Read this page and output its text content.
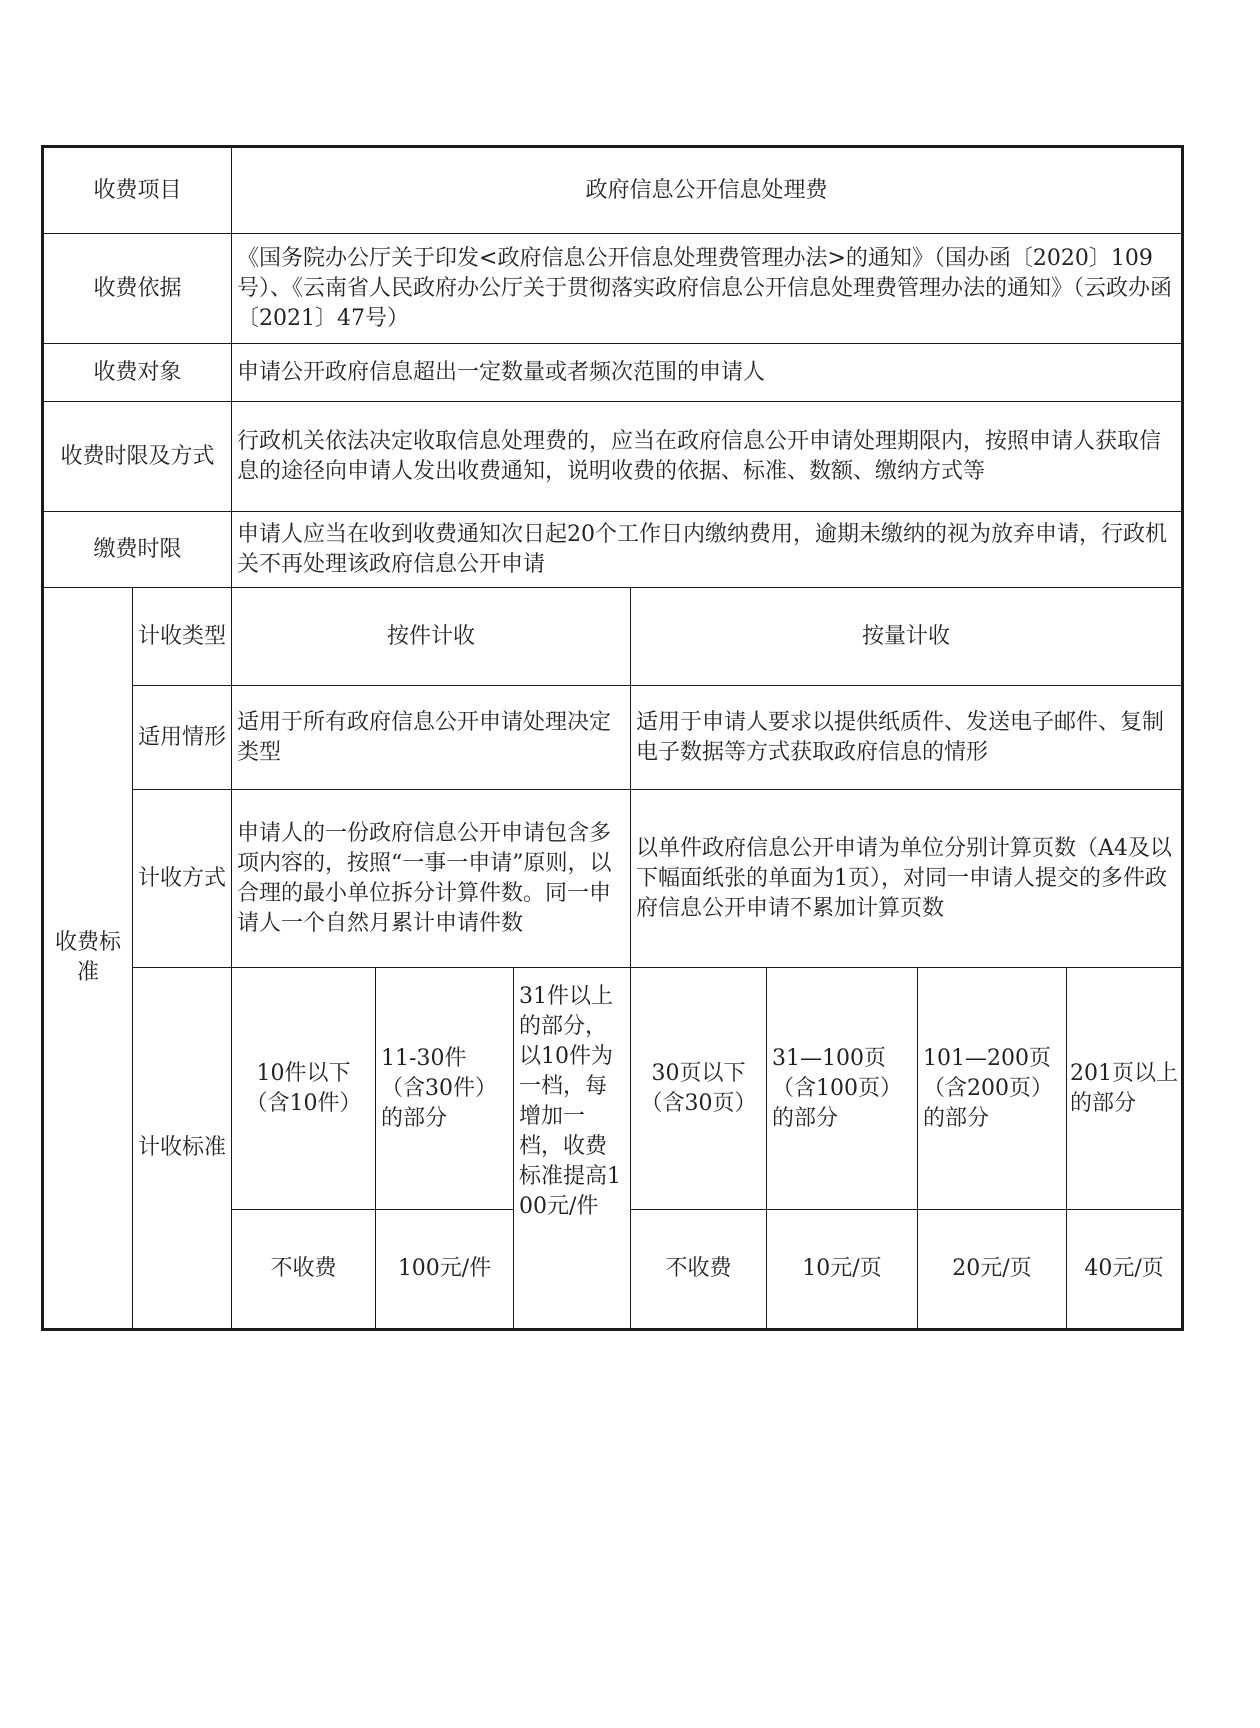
收费项目		政府信息公开信息处理费						
收费依据		《国务院办公厅关于印发<政府信息公开信息处理费管理办法>的通知》（国办函〔2020〕109号）、《云南省人民政府办公厅关于贯彻落实政府信息公开信息处理费管理办法的通知》（云政办函〔2021〕47号）						
收费对象		申请公开政府信息超出一定数量或者频次范围的申请人						
收费时限及方式		行政机关依法决定收取信息处理费的，应当在政府信息公开申请处理期限内，按照申请人获取信息的途径向申请人发出收费通知，说明收费的依据、标准、数额、缴纳方式等						
缴费时限		申请人应当在收到收费通知次日起20个工作日内缴纳费用，逾期未缴纳的视为放弃申请，行政机关不再处理该政府信息公开申请						
收费标准	计收类型	按件计收			按量计收			
	适用情形	适用于所有政府信息公开申请处理决定类型			适用于申请人要求以提供纸质件、发送电子邮件、复制电子数据等方式获取政府信息的情形			
	计收方式	申请人的一份政府信息公开申请包含多项内容的，按照“一事一申请”原则，以合理的最小单位拆分计算件数。同一申请人一个自然月累计申请件数			以单件政府信息公开申请为单位分别计算页数（A4及以下幅面纸张的单面为1页），对同一申请人提交的多件政府信息公开申请不累加计算页数			
	计收标准	10件以下（含10件）	11-30件（含30件）的部分	31件以上的部分，以10件为一档，每增加一档，收费标准提高100元/件	30页以下（含30页）	31—100页（含100页）的部分	101—200页（含200页）的部分	201页以上的部分
		不收费	100元/件		不收费	10元/页	20元/页	40元/页
